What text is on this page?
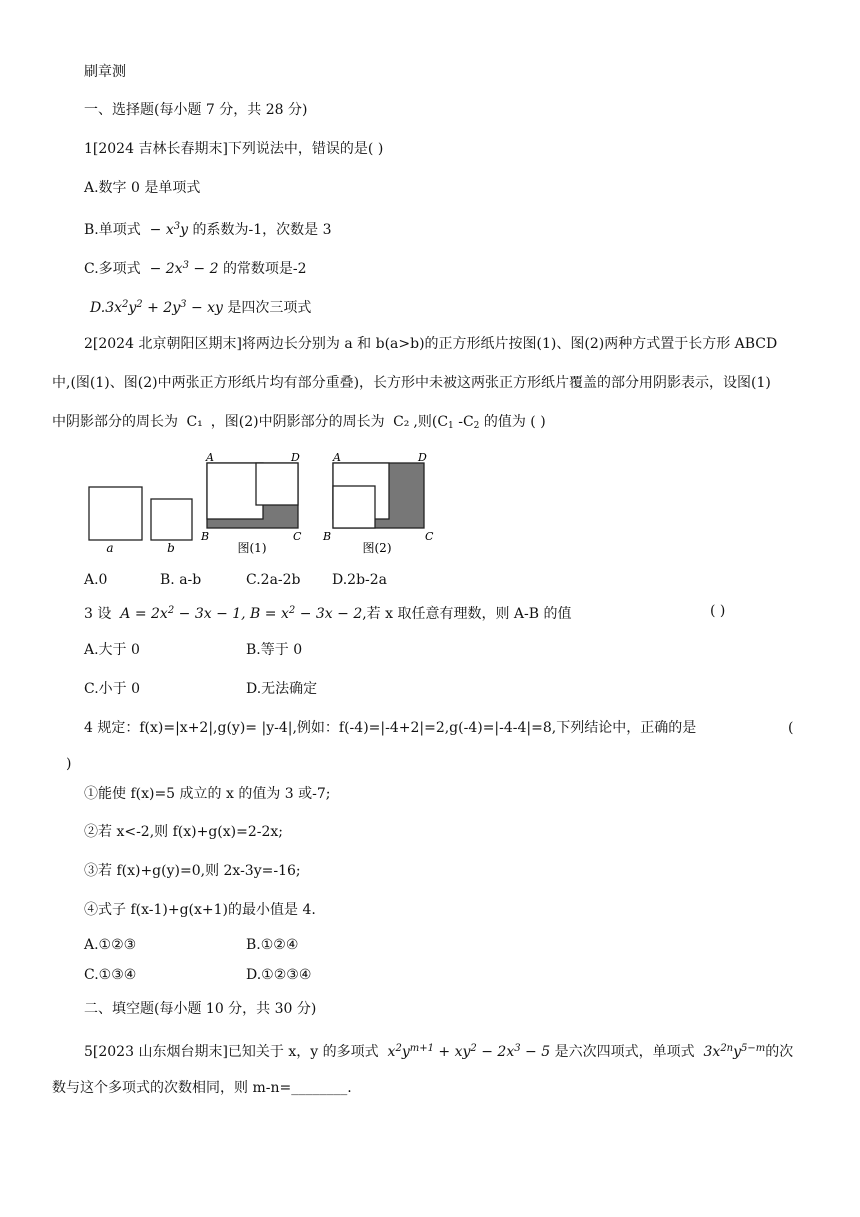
刷章测
一、选择题(每小题 7 分，共 28 分)
1[2024 吉林长春期末]下列说法中，错误的是( )
A.数字 0 是单项式
B.单项式  − $x^3y$ 的系数为-1，次数是 3
C.多项式  − $2x^3 - 2$ 的常数项是-2
$D.3x^2y^2 + 2y^3$ − xy 是四次三项式
2[2024 北京朝阳区期末]将两边长分别为 a 和 b(a>b)的正方形纸片按图(1)、图(2)两种方式置于长方形 ABCD
中,(图(1)、图(2)中两张正方形纸片均有部分重叠)，长方形中未被这两张正方形纸片覆盖的部分用阴影表示，设图(1)
中阴影部分的周长为 C₁ ，图(2)中阴影部分的周长为 C₂ ,则($C_1$ $-C_2$ 的值为 ( )
a	b
A	D
B	C
图(1)
A	D
B	C
图(2)
A.0	B. a-b	C.2a-2b D.2b-2a
3 设  $A = 2x^2 - 3x - 1$, $B = x^2 - 3x - 2$,若 x 取任意有理数，则 A-B 的值	( )
A.大于 0	B.等于 0
C.小于 0	D.无法确定
4 规定：f(x)=|x+2|,g(y)= |y-4|,例如：f(-4)=|-4+2|=2,g(-4)=|-4-4|=8,下列结论中，正确的是	(
)
①能使 f(x)=5 成立的 x 的值为 3 或-7;
②若 x<-2,则 f(x)+g(x)=2-2x;
③若 f(x)+g(y)=0,则 2x-3y=-16;
④式子 f(x-1)+g(x+1)的最小值是 4.
A.①②③	B.①②④
C.①③④	D.①②③④
二、填空题(每小题 10 分，共 30 分)
5[2023 山东烟台期末]已知关于 x，y 的多项式  $x^2y^{m+1} + xy^2 - 2x^3 - 5$ 是六次四项式，单项式  $3x^{2n}y^{5-m}$的次
数与这个多项式的次数相同，则 m-n=________.
